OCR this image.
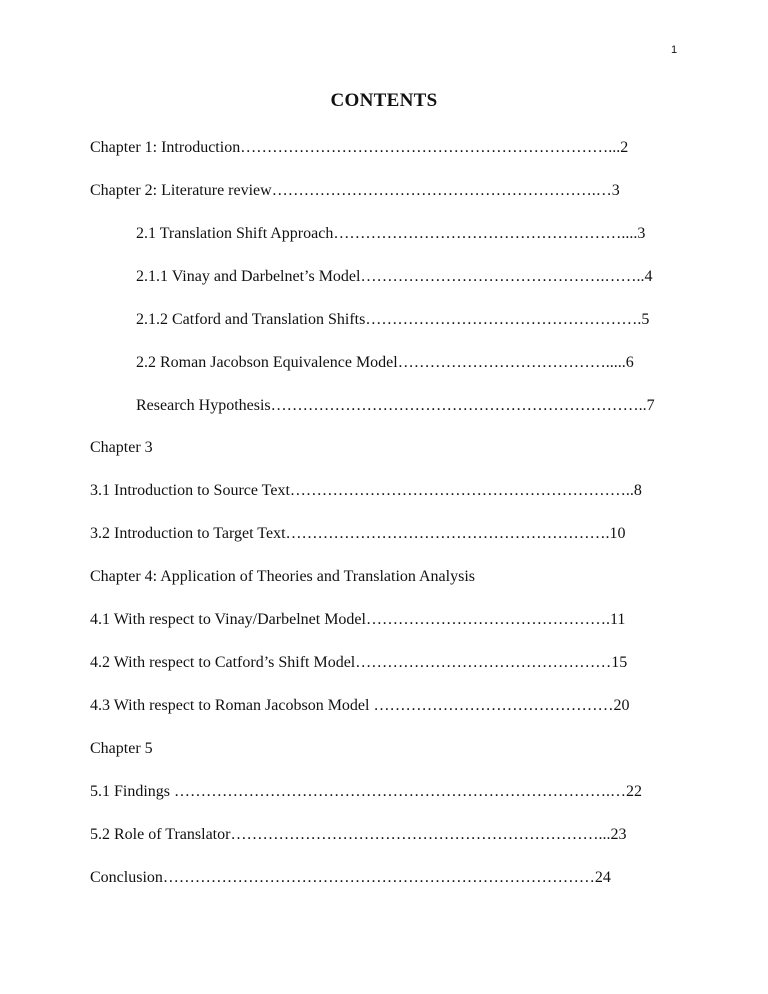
1
CONTENTS
Chapter 1: Introduction……………………………………………………………...2
Chapter 2: Literature review…………………………………………………….…3
2.1 Translation Shift Approach………………………………………………....3
2.1.1 Vinay and Darbelnet’s Model……………………………………….……..4
2.1.2 Catford and Translation Shifts…………………………………………….5
2.2 Roman Jacobson Equivalence Model………………………………….....6
Research Hypothesis……………………………………………………………..7
Chapter 3
3.1 Introduction to Source Text………………………………………………………..8
3.2 Introduction to Target Text…………………………………………………….10
Chapter 4: Application of Theories and Translation Analysis
4.1 With respect to Vinay/Darbelnet Model……………………………………….11
4.2 With respect to Catford’s Shift Model…………………………………………15
4.3 With respect to Roman Jacobson Model ………………………………………20
Chapter 5
5.1 Findings ……………………………………………………………………….…22
5.2 Role of Translator……………………………………………………………...23
Conclusion………………………………………………………………………24
